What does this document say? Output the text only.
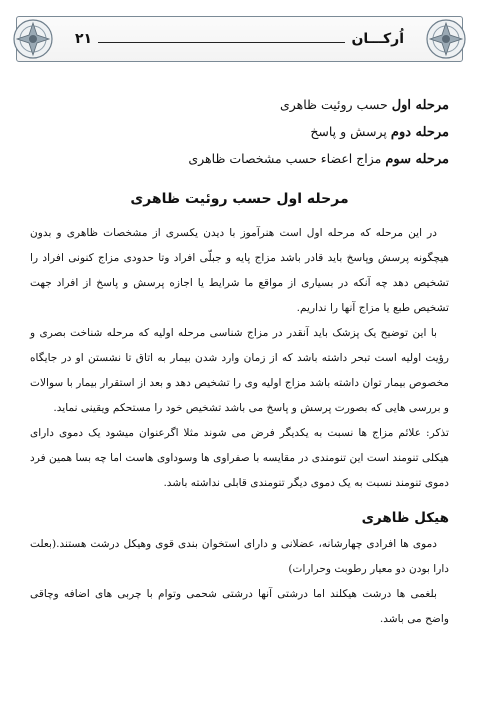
اُرکـــان
۲۱

مرحله اول حسب روئیت ظاهری

مرحله دوم پرسش و پاسخ

مرحله سوم مزاج اعضاء حسب مشخصات ظاهری

مرحله اول حسب روئیت ظاهری

در این مرحله که مرحله اول است هنرآموز با دیدن یکسری از مشخصات ظاهری و بدون هیچگونه پرسش وپاسخ باید قادر باشد مزاج پایه و جبلّی افراد وتا حدودی مزاج کنونی افراد را تشخیص دهد چه آنکه در بسیاری از مواقع ما شرایط یا اجازه پرسش و پاسخ از افراد جهت تشخیص طبع یا مزاج آنها را نداریم.

با این توضیح یک پزشک باید آنقدر در مزاج شناسی مرحله اولیه که مرحله شناخت بصری و رؤیت اولیه است تبحر داشته باشد که از زمان وارد شدن بیمار به اتاق تا نشستن او در جایگاه مخصوص بیمار توان داشته باشد مزاج اولیه وی را تشخیص دهد و بعد از استقرار بیمار با سوالات و بررسی هایی که بصورت پرسش و پاسخ می باشد تشخیص خود را مستحکم ویقینی نماید.

تذکر: علائم مزاج ها نسبت به یکدیگر فرض می شوند مثلا اگرعنوان میشود یک دموی دارای هیکلی تنومند است این تنومندی در مقایسه با صفراوی ها وسوداوی هاست اما چه بسا همین فرد دموی تنومند نسبت به یک دموی دیگر تنومندی قابلی نداشته باشد.

هیکل ظاهری

دموی ها افرادی چهارشانه، عضلانی و دارای استخوان بندی قوی وهیکل درشت هستند.(بعلت دارا بودن دو معیار رطوبت وحرارات)

بلغمی ها درشت هیکلند اما درشتی آنها درشتی شحمی وتوام با چربی های اضافه وچاقی واضح می باشد.
